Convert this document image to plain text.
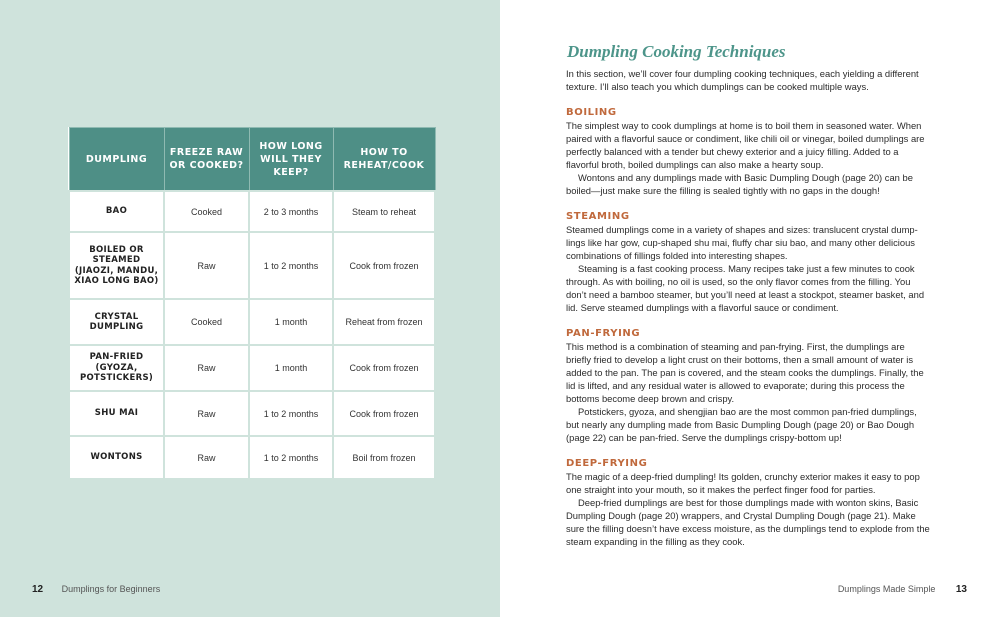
DUMPLING	FREEZE RAW OR COOKED?	HOW LONG WILL THEY KEEP?	HOW TO REHEAT/COOK
BAO	Cooked	2 to 3 months	Steam to reheat
BOILED OR STEAMED (JIAOZI, MANDU, XIAO LONG BAO)	Raw	1 to 2 months	Cook from frozen
CRYSTAL DUMPLING	Cooked	1 month	Reheat from frozen
PAN-FRIED (GYOZA, POTSTICKERS)	Raw	1 month	Cook from frozen
SHU MAI	Raw	1 to 2 months	Cook from frozen
WONTONS	Raw	1 to 2 months	Boil from frozen
12 Dumplings for Beginners
Dumpling Cooking Techniques

In this section, we’ll cover four dumpling cooking techniques, each yielding a different texture. I’ll also teach you which dumplings can be cooked multiple ways.

BOILING

The simplest way to cook dumplings at home is to boil them in seasoned water. When paired with a flavorful sauce or condiment, like chili oil or vinegar, boiled dumplings are perfectly balanced with a tender but chewy exterior and a juicy filling. Added to a flavorful broth, boiled dumplings can also make a hearty soup.

Wontons and any dumplings made with Basic Dumpling Dough (page 20) can be boiled—just make sure the filling is sealed tightly with no gaps in the dough!

STEAMING

Steamed dumplings come in a variety of shapes and sizes: translucent crystal dump-lings like har gow, cup-shaped shu mai, fluffy char siu bao, and many other delicious combinations of fillings folded into interesting shapes.

Steaming is a fast cooking process. Many recipes take just a few minutes to cook through. As with boiling, no oil is used, so the only flavor comes from the filling. You don’t need a bamboo steamer, but you’ll need at least a stockpot, steamer basket, and lid. Serve steamed dumplings with a flavorful sauce or condiment.

PAN-FRYING

This method is a combination of steaming and pan-frying. First, the dumplings are briefly fried to develop a light crust on their bottoms, then a small amount of water is added to the pan. The pan is covered, and the steam cooks the dumplings. Finally, the lid is lifted, and any residual water is allowed to evaporate; during this process the bottoms become deep brown and crispy.

Potstickers, gyoza, and shengjian bao are the most common pan-fried dumplings, but nearly any dumpling made from Basic Dumpling Dough (page 20) or Bao Dough (page 22) can be pan-fried. Serve the dumplings crispy-bottom up!

DEEP-FRYING

The magic of a deep-fried dumpling! Its golden, crunchy exterior makes it easy to pop one straight into your mouth, so it makes the perfect finger food for parties.

Deep-fried dumplings are best for those dumplings made with wonton skins, Basic Dumpling Dough (page 20) wrappers, and Crystal Dumpling Dough (page 21). Make sure the filling doesn’t have excess moisture, as the dumplings tend to explode from the steam expanding in the filling as they cook.

Dumplings Made Simple 13
